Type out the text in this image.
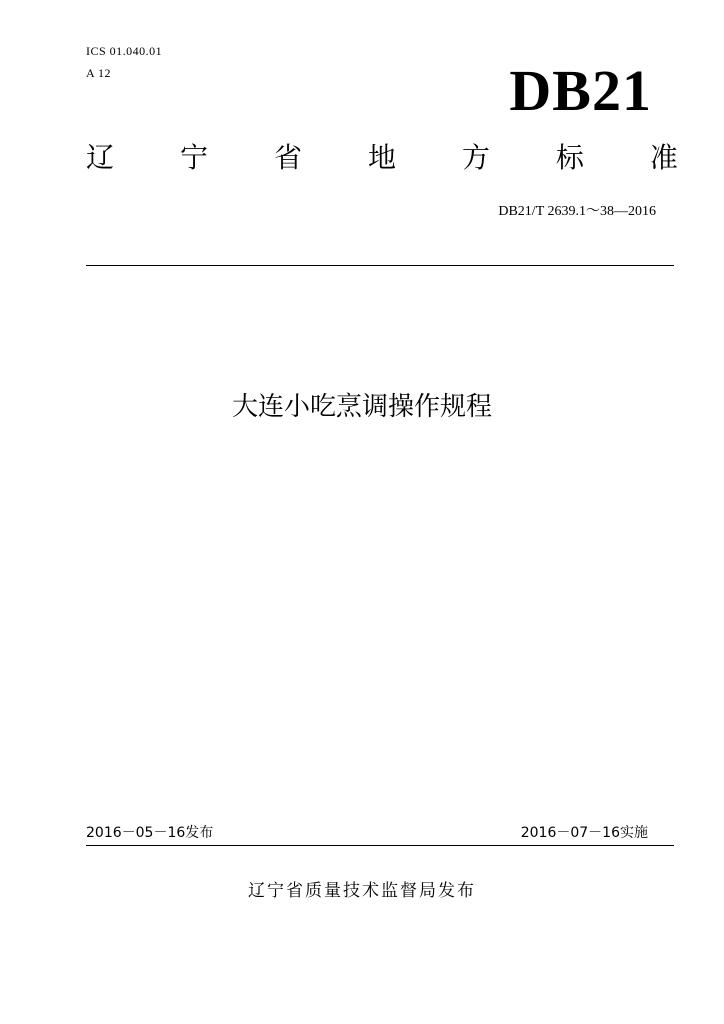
ICS 01.040.01
A 12	DB21
辽 宁 省 地 方 标 准
DB21/T 2639.1～38—2016
大连小吃烹调操作规程
2016－05－16发布	2016－07－16实施
辽宁省质量技术监督局发布
